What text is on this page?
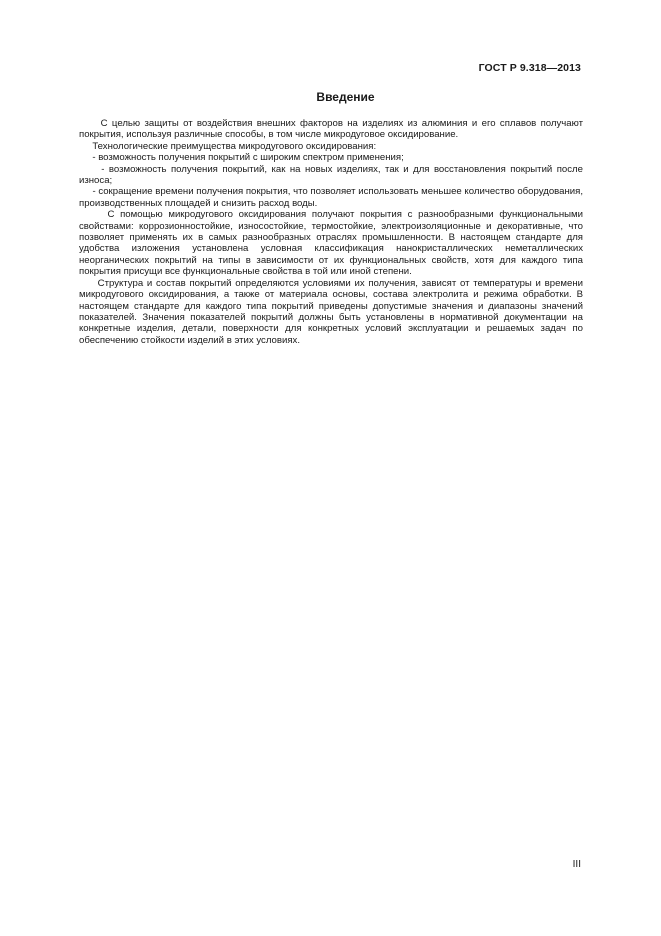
ГОСТ Р 9.318—2013
Введение

С целью защиты от воздействия внешних факторов на изделиях из алюминия и его сплавов получают покрытия, используя различные способы, в том числе микродуговое оксидирование.

Технологические преимущества микродугового оксидирования:

- возможность получения покрытий с широким спектром применения;

- возможность получения покрытий, как на новых изделиях, так и для восстановления покрытий после износа;

- сокращение времени получения покрытия, что позволяет использовать меньшее количество оборудования, производственных площадей и снизить расход воды.

С помощью микродугового оксидирования получают покрытия с разнообразными функциональными свойствами: коррозионностойкие, износостойкие, термостойкие, электроизоляционные и декоративные, что позволяет применять их в самых разнообразных отраслях промышленности. В настоящем стандарте для удобства изложения установлена условная классификация нанокристаллических неметаллических неорганических покрытий на типы в зависимости от их функциональных свойств, хотя для каждого типа покрытия присущи все функциональные свойства в той или иной степени.

Структура и состав покрытий определяются условиями их получения, зависят от температуры и времени микродугового оксидирования, а также от материала основы, состава электролита и режима обработки. В настоящем стандарте для каждого типа покрытий приведены допустимые значения и диапазоны значений показателей. Значения показателей покрытий должны быть установлены в нормативной документации на конкретные изделия, детали, поверхности для конкретных условий эксплуатации и решаемых задач по обеспечению стойкости изделий в этих условиях.

III
